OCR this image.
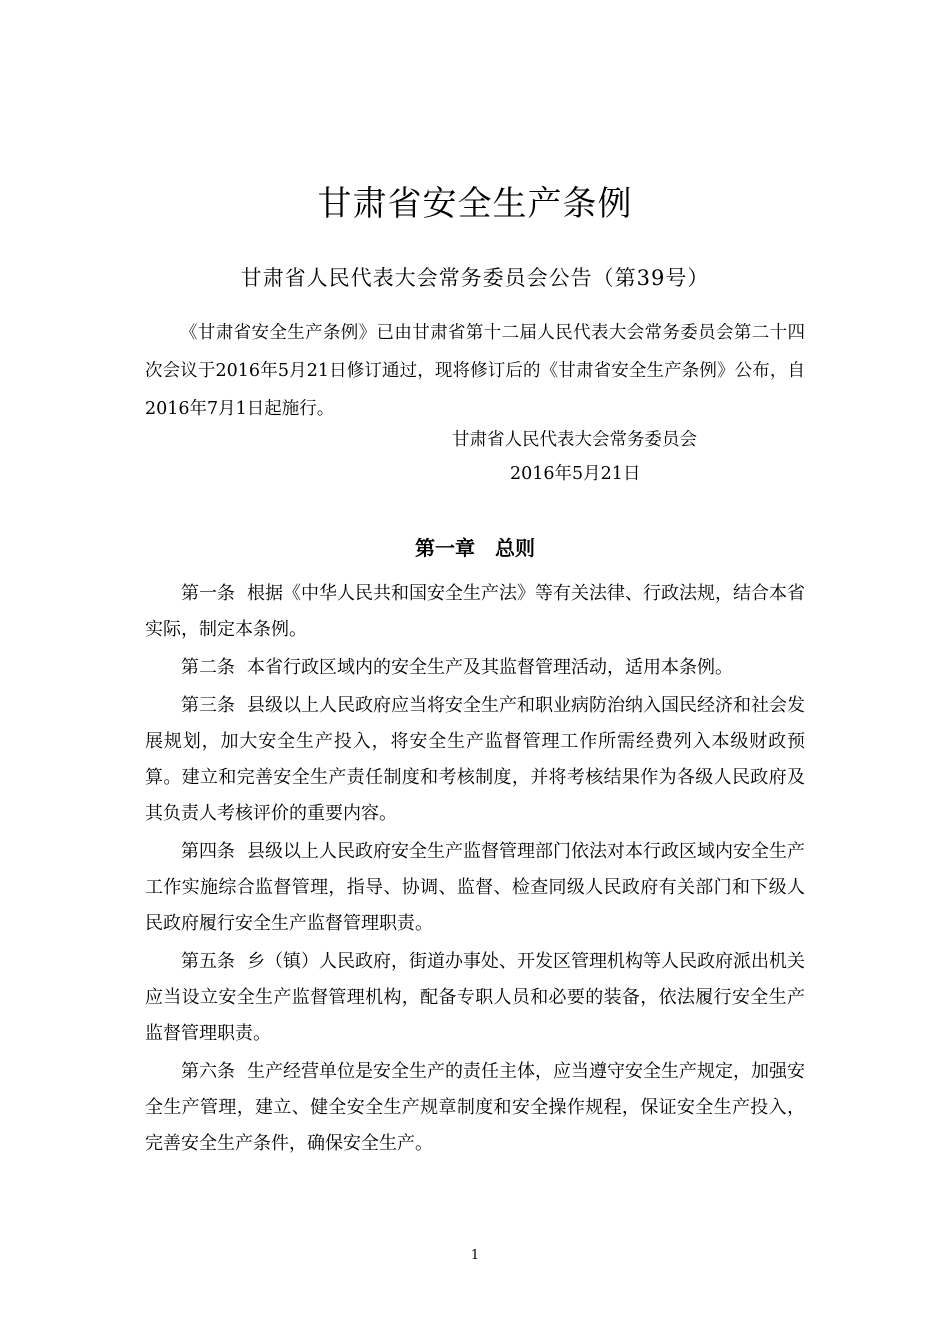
甘肃省安全生产条例
甘肃省人民代表大会常务委员会公告（第39号）
《甘肃省安全生产条例》已由甘肃省第十二届人民代表大会常务委员会第二十四次会议于2016年5月21日修订通过，现将修订后的《甘肃省安全生产条例》公布，自2016年7月1日起施行。
甘肃省人民代表大会常务委员会
2016年5月21日
第一章　总则

第一条 根据《中华人民共和国安全生产法》等有关法律、行政法规，结合本省实际，制定本条例。

第二条 本省行政区域内的安全生产及其监督管理活动，适用本条例。

第三条 县级以上人民政府应当将安全生产和职业病防治纳入国民经济和社会发展规划，加大安全生产投入，将安全生产监督管理工作所需经费列入本级财政预算。建立和完善安全生产责任制度和考核制度，并将考核结果作为各级人民政府及其负责人考核评价的重要内容。

第四条 县级以上人民政府安全生产监督管理部门依法对本行政区域内安全生产工作实施综合监督管理，指导、协调、监督、检查同级人民政府有关部门和下级人民政府履行安全生产监督管理职责。

第五条 乡（镇）人民政府，街道办事处、开发区管理机构等人民政府派出机关应当设立安全生产监督管理机构，配备专职人员和必要的装备，依法履行安全生产监督管理职责。

第六条 生产经营单位是安全生产的责任主体，应当遵守安全生产规定，加强安全生产管理，建立、健全安全生产规章制度和安全操作规程，保证安全生产投入，完善安全生产条件，确保安全生产。

1
